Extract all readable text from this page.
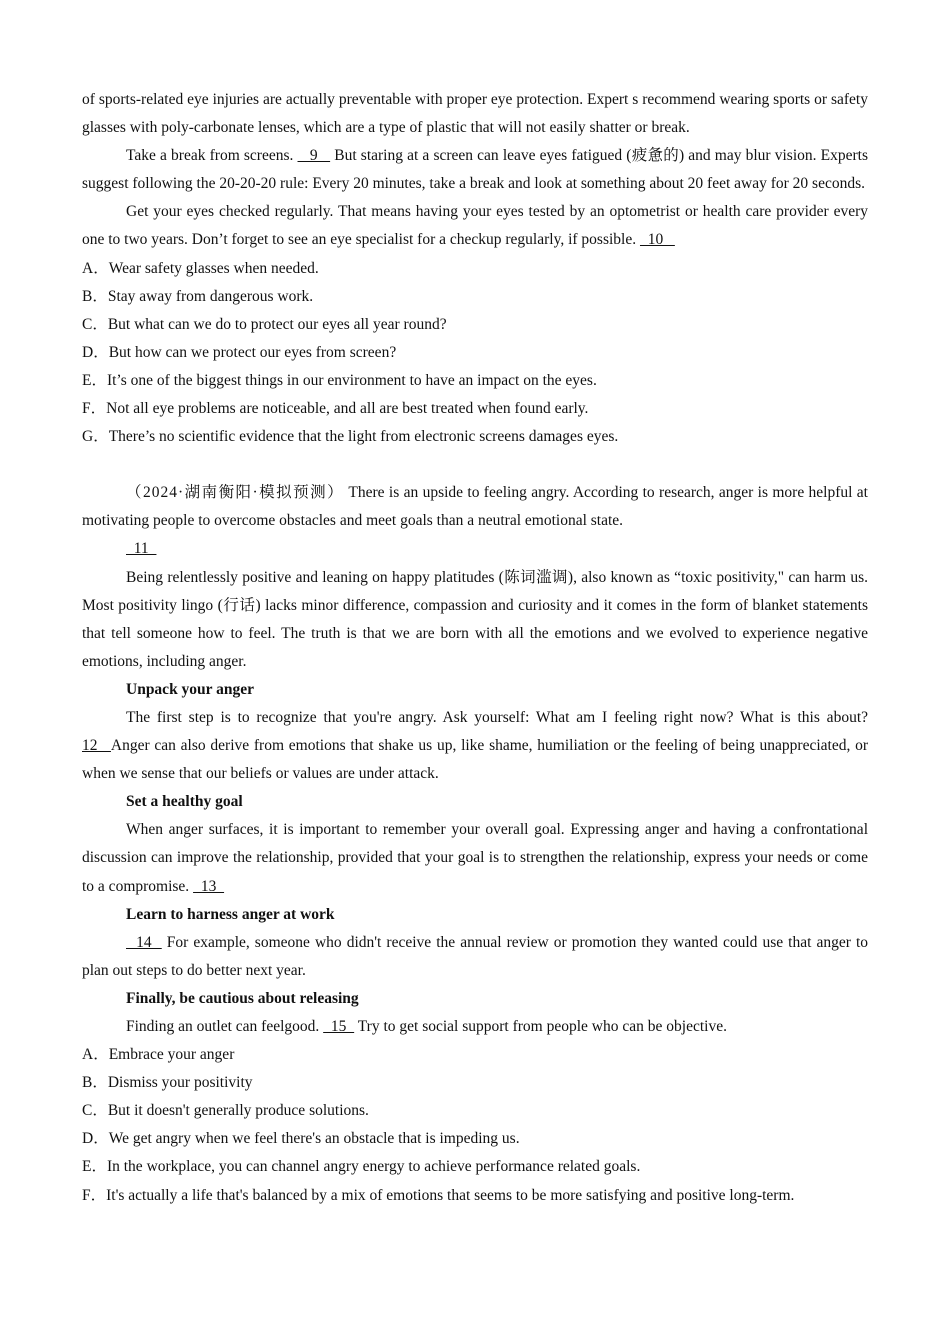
of sports-related eye injuries are actually preventable with proper eye protection. Expert s recommend wearing sports or safety glasses with poly-carbonate lenses, which are a type of plastic that will not easily shatter or break.

Take a break from screens.    9    But staring at a screen can leave eyes fatigued (疲惫的) and may blur vision. Experts suggest following the 20-20-20 rule: Every 20 minutes, take a break and look at something about 20 feet away for 20 seconds.

Get your eyes checked regularly. That means having your eyes tested by an optometrist or health care provider every one to two years. Don’t forget to see an eye specialist for a checkup regularly, if possible.   10

A．Wear safety glasses when needed.

B．Stay away from dangerous work.

C．But what can we do to protect our eyes all year round?

D．But how can we protect our eyes from screen?

E．It’s one of the biggest things in our environment to have an impact on the eyes.

F．Not all eye problems are noticeable, and all are best treated when found early.

G．There’s no scientific evidence that the light from electronic screens damages eyes.

（2024·湖南衡阳·模拟预测） There is an upside to feeling angry. According to research, anger is more helpful at motivating people to overcome obstacles and meet goals than a neutral emotional state.

11

Being relentlessly positive and leaning on happy platitudes (陈词滥调), also known as “toxic positivity," can harm us. Most positivity lingo (行话) lacks minor difference, compassion and curiosity and it comes in the form of blanket statements that tell someone how to feel. The truth is that we are born with all the emotions and we evolved to experience negative emotions, including anger.

Unpack your anger

The first step is to recognize that you're angry. Ask yourself: What am I feeling right now? What is this about? 12   Anger can also derive from emotions that shake us up, like shame, humiliation or the feeling of being unappreciated, or when we sense that our beliefs or values are under attack.

Set a healthy goal

When anger surfaces, it is important to remember your overall goal. Expressing anger and having a confrontational discussion can improve the relationship, provided that your goal is to strengthen the relationship, express your needs or come to a compromise.   13

Learn to harness anger at work

14   For example, someone who didn't receive the annual review or promotion they wanted could use that anger to plan out steps to do better next year.

Finally, be cautious about releasing

Finding an outlet can feelgood.   15   Try to get social support from people who can be objective.

A．Embrace your anger

B．Dismiss your positivity

C．But it doesn't generally produce solutions.

D．We get angry when we feel there's an obstacle that is impeding us.

E．In the workplace, you can channel angry energy to achieve performance related goals.

F．It's actually a life that's balanced by a mix of emotions that seems to be more satisfying and positive long-term.
